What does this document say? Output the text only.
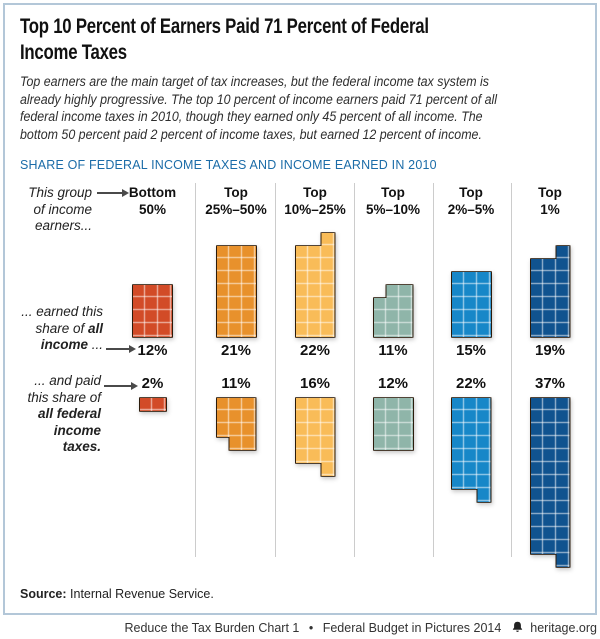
Top 10 Percent of Earners Paid 71 Percent of Federal
Income Taxes
Top earners are the main target of tax increases, but the federal income tax system is
already highly progressive. The top 10 percent of income earners paid 71 percent of all
federal income taxes in 2010, though they earned only 45 percent of all income. The
bottom 50 percent paid 2 percent of income taxes, but earned 12 percent of income.
SHARE OF FEDERAL INCOME TAXES AND INCOME EARNED IN 2010
Bottom
50%
12%
2%
Top
25%–50%
21%
11%
Top
10%–25%
22%
16%
Top
5%–10%
11%
12%
Top
2%–5%
15%
22%
Top
1%
19%
37%
This group
of income
earners...
... earned this
share of all
income ...
... and paid
this share of
all federal
income
taxes.
Source: Internal Revenue Service.
Reduce the Tax Burden Chart 1 • Federal Budget in Pictures 2014 heritage.org
